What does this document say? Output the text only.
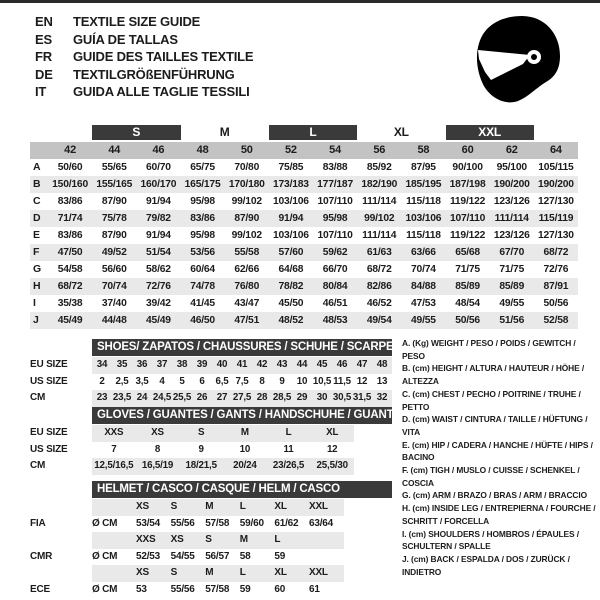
EN	TEXTILE SIZE GUIDE
ES	GUÍA DE TALLAS
FR	GUIDE DES TAILLES TEXTILE
DE	TEXTILGRÖßENFÜHRUNG
IT	GUIDA ALLE TAGLIE TESSILI
S	M	L	XL	XXL
42	44	46	48	50	52	54	56	58	60	62	64
A	50/60	55/65	60/70	65/75	70/80	75/85	83/88	85/92	87/95	90/100	95/100	105/115
B	150/160 155/165 160/170 165/175 170/180 173/183 177/187 182/190 185/195 187/198 190/200 190/200
C	83/86	87/90	91/94	95/98	99/102	103/106 107/110 111/114 115/118 119/122 123/126 127/130
D	71/74	75/78	79/82	83/86	87/90	91/94	95/98	99/102	103/106 107/110 111/114 115/119
E	83/86	87/90	91/94	95/98	99/102	103/106 107/110 111/114 115/118 119/122 123/126 127/130
F	47/50	49/52	51/54	53/56	55/58	57/60	59/62	61/63	63/66	65/68	67/70	68/72
G	54/58	56/60	58/62	60/64	62/66	64/68	66/70	68/72	70/74	71/75	71/75	72/76
H	68/72	70/74	72/76	74/78	76/80	78/82	80/84	82/86	84/88	85/89	85/89	87/91
I	35/38	37/40	39/42	41/45	43/47	45/50	46/51	46/52	47/53	48/54	49/55	50/56
J	45/49	44/48	45/49	46/50	47/51	48/52	48/53	49/54	49/55	50/56	51/56	52/58
SHOES/ ZAPATOS / CHAUSSURES / SCHUHE / SCARPE
EU SIZE	34 35 36 37 38 39 40 41 42 43 44 45 46 47 48
US SIZE	2	2,5 3,5	4	5	6	6,5 7,5	8	9	10 10,5 11,5 12 13
CM	23 23,5 24 24,5 25,5 26 27 27,5 28 28,5 29 30 30,5 31,5 32
GLOVES / GUANTES / GANTS / HANDSCHUHE / GUANTI
EU SIZE	XXS	XS	S	M	L	XL
US SIZE	7	8	9	10	11	12
CM	12,5/16,5 16,5/19	18/21,5	20/24	23/26,5	25,5/30
HELMET / CASCO / CASQUE / HELM / CASCO
XS	S	M	L	XL	XXL
FIA	Ø CM	53/54	55/56	57/58	59/60	61/62	63/64
XXS	XS	S	M	L
CMR	Ø CM	52/53	54/55	56/57	58	59
XS	S	M	L	XL	XXL
ECE	Ø CM	53	55/56	57/58	59	60	61
A. (Kg) WEIGHT / PESO / POIDS / GEWITCH / PESO
B. (cm) HEIGHT / ALTURA / HAUTEUR / HÖHE / ALTEZZA
C. (cm) CHEST / PECHO / POITRINE / TRUHE / PETTO
D. (cm) WAIST / CINTURA / TAILLE / HÜFTUNG / VITA
E. (cm) HIP / CADERA / HANCHE / HÜFTE / HIPS / BACINO
F. (cm) TIGH / MUSLO / CUISSE / SCHENKEL / COSCIA
G. (cm) ARM / BRAZO / BRAS / ARM / BRACCIO
H. (cm) INSIDE LEG / ENTREPIERNA / FOURCHE / SCHRITT / FORCELLA
I. (cm) SHOULDERS / HOMBROS / ÉPAULES / SCHULTERN / SPALLE
J. (cm) BACK / ESPALDA / DOS / ZURÜCK / INDIETRO
